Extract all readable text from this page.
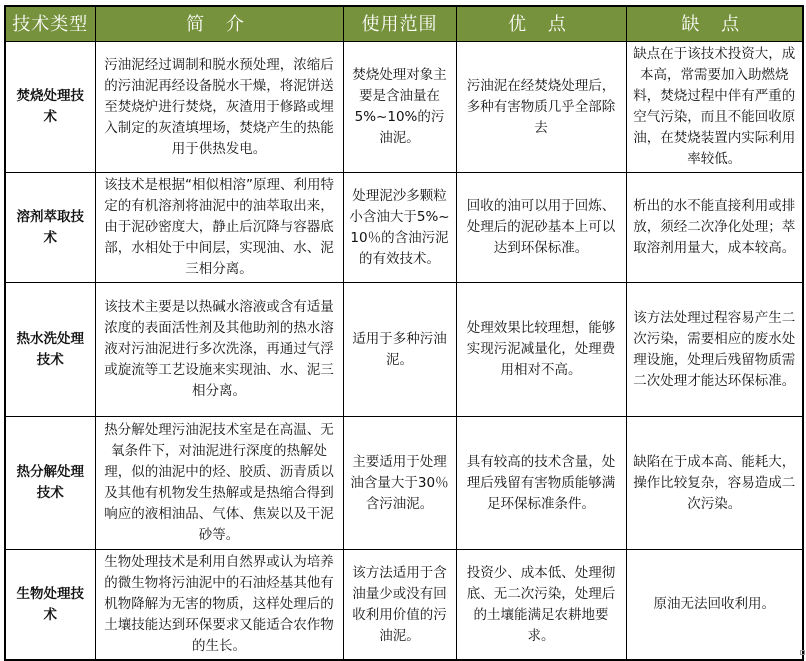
技术类型	简 介	使用范围	优 点	缺 点
焚烧处理技术	污油泥经过调制和脱水预处理，浓缩后的污油泥再经设备脱水干燥，将泥饼送至焚烧炉进行焚烧，灰渣用于修路或埋入制定的灰渣填埋场，焚烧产生的热能用于供热发电。	焚烧处理对象主要是含油量在 5%~10%的污油泥。	污油泥在经焚烧处理后，多种有害物质几乎全部除去	缺点在于该技术投资大，成本高，常需要加入助燃烧料，焚烧过程中伴有严重的空气污染，而且不能回收原油，在焚烧装置内实际利用率较低。
溶剂萃取技术	该技术是根据“相似相溶”原理、利用特定的有机溶剂将油泥中的油萃取出来，由于泥砂密度大，静止后沉降与容器底部，水相处于中间层，实现油、水、泥三相分离。	处理泥沙多颗粒小含油大于5%~10％的含油污泥的有效技术。	回收的油可以用于回炼、处理后的泥砂基本上可以达到环保标准。	析出的水不能直接利用或排放，须经二次净化处理；萃取溶剂用量大，成本较高。
热水洗处理技术	该技术主要是以热碱水溶液或含有适量浓度的表面活性剂及其他助剂的热水溶液对污油泥进行多次洗涤，再通过气浮或旋流等工艺设施来实现油、水、泥三相分离。	适用于多种污油泥。	处理效果比较理想，能够实现污泥减量化，处理费用相对不高。	该方法处理过程容易产生二次污染，需要相应的废水处理设施，处理后残留物质需二次处理才能达环保标准。
热分解处理技术	热分解处理污油泥技术室是在高温、无氧条件下，对油泥进行深度的热解处理，似的油泥中的烃、胶质、沥青质以及其他有机物发生热解或是热缩合得到响应的液相油品、气体、焦炭以及干泥砂等。	主要适用于处理油含量大于30％含污油泥。	具有较高的技术含量，处理后残留有害物质能够满足环保标准条件。	缺陷在于成本高、能耗大，操作比较复杂，容易造成二次污染。
生物处理技术	生物处理技术是利用自然界或认为培养的微生物将污油泥中的石油烃基其他有机物降解为无害的物质，这样处理后的土壤技能达到环保要求又能适合农作物的生长。	该方法适用于含油量少或没有回收利用价值的污油泥。	投资少、成本低、处理彻底、无二次污染，处理后的土壤能满足农耕地要求。	原油无法回收利用。
